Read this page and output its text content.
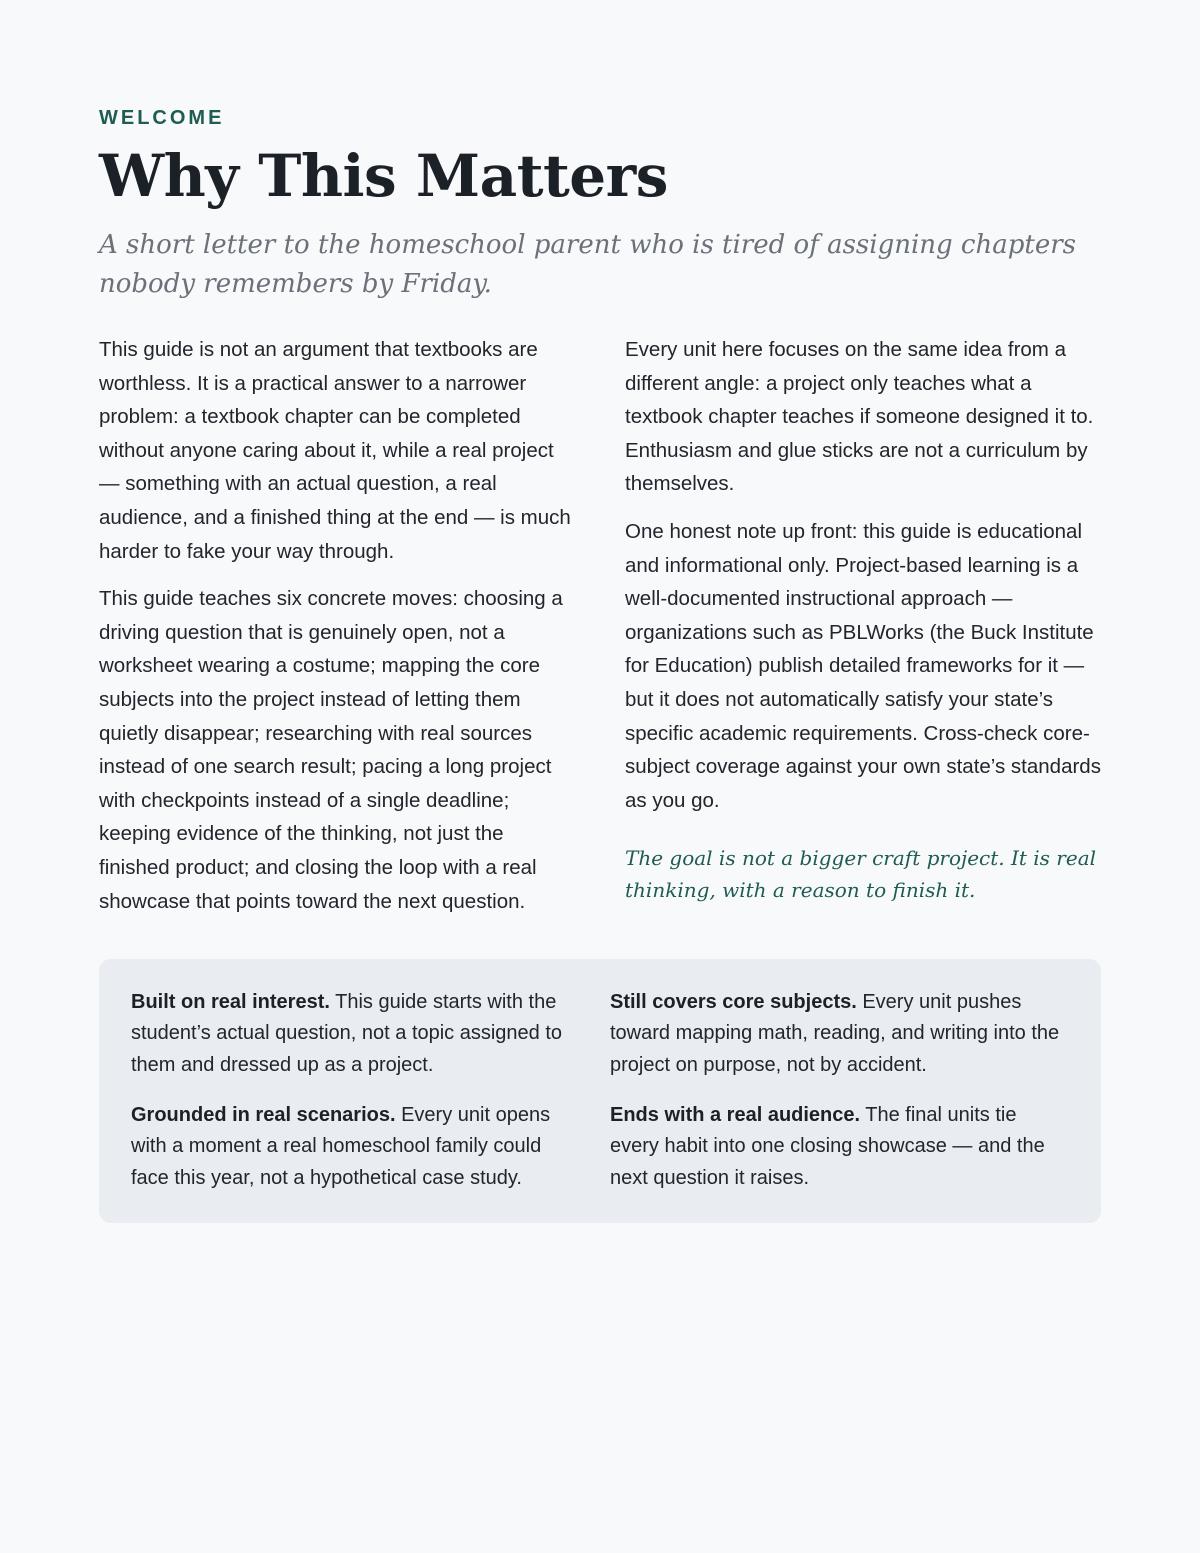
WELCOME
Why This Matters

A short letter to the homeschool parent who is tired of assigning chapters nobody remembers by Friday.

This guide is not an argument that textbooks are worthless. It is a practical answer to a narrower problem: a textbook chapter can be completed without anyone caring about it, while a real project — something with an actual question, a real audience, and a finished thing at the end — is much harder to fake your way through.

This guide teaches six concrete moves: choosing a driving question that is genuinely open, not a worksheet wearing a costume; mapping the core subjects into the project instead of letting them quietly disappear; researching with real sources instead of one search result; pacing a long project with checkpoints instead of a single deadline; keeping evidence of the thinking, not just the finished product; and closing the loop with a real showcase that points toward the next question.

Every unit here focuses on the same idea from a different angle: a project only teaches what a textbook chapter teaches if someone designed it to. Enthusiasm and glue sticks are not a curriculum by themselves.

One honest note up front: this guide is educational and informational only. Project-based learning is a well-documented instructional approach — organizations such as PBLWorks (the Buck Institute for Education) publish detailed frameworks for it — but it does not automatically satisfy your state’s specific academic requirements. Cross-check core-subject coverage against your own state’s standards as you go.

The goal is not a bigger craft project. It is real thinking, with a reason to finish it.

Built on real interest. This guide starts with the student’s actual question, not a topic assigned to them and dressed up as a project.
Still covers core subjects. Every unit pushes toward mapping math, reading, and writing into the project on purpose, not by accident.
Grounded in real scenarios. Every unit opens with a moment a real homeschool family could face this year, not a hypothetical case study.
Ends with a real audience. The final units tie every habit into one closing showcase — and the next question it raises.
